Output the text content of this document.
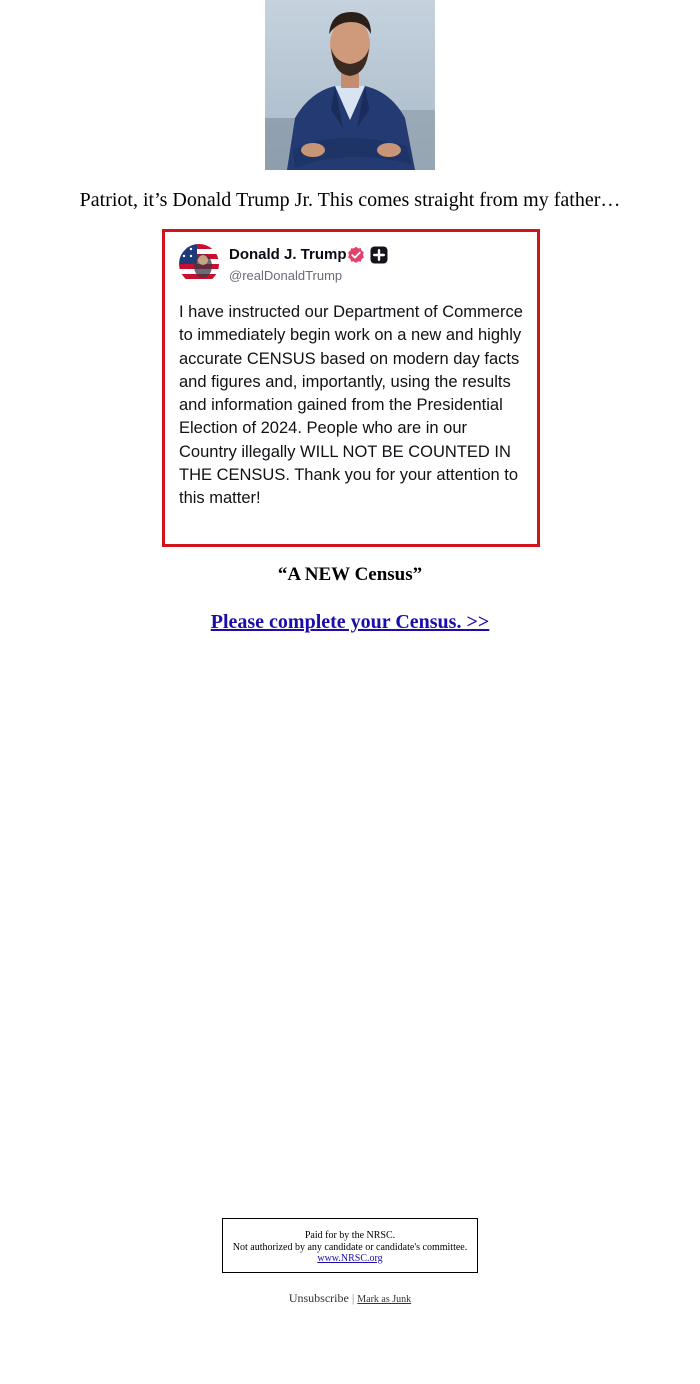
Patriot, it’s Donald Trump Jr. This comes straight from my father…
Donald J. Trump
@realDonaldTrump
I have instructed our Department of Commerce to immediately begin work on a new and highly accurate CENSUS based on modern day facts and figures and, importantly, using the results and information gained from the Presidential Election of 2024. People who are in our Country illegally WILL NOT BE COUNTED IN THE CENSUS. Thank you for your attention to this matter!
“A NEW Census”
Please complete your Census. >>
Paid for by the NRSC.
Not authorized by any candidate or candidate's committee.
www.NRSC.org
Unsubscribe | Mark as Junk
